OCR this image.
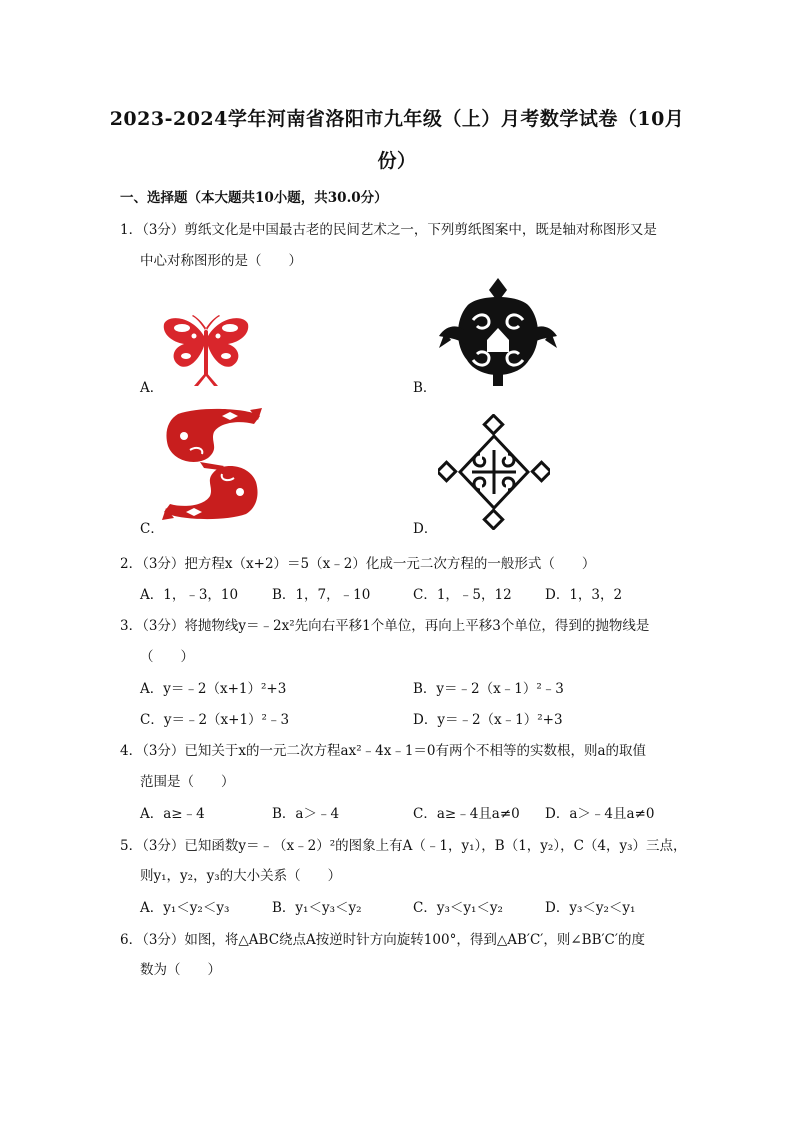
2023-2024学年河南省洛阳市九年级（上）月考数学试卷（10月
份）
一、选择题（本大题共10小题，共30.0分）
1．（3分）剪纸文化是中国最古老的民间艺术之一，下列剪纸图案中，既是轴对称图形又是
中心对称图形的是（　　）
A．	B．
C．	D．
2．（3分）把方程x（x+2）＝5（x﹣2）化成一元二次方程的一般形式（　　）
A．1，﹣3，10	B．1，7，﹣10	C．1，﹣5，12 D．1，3，2
3．（3分）将抛物线y＝﹣2x²先向右平移1个单位，再向上平移3个单位，得到的抛物线是
（　　）
A．y＝﹣2（x+1）²+3	B．y＝﹣2（x﹣1）²﹣3
C．y＝﹣2（x+1）²﹣3	D．y＝﹣2（x﹣1）²+3
4．（3分）已知关于x的一元二次方程ax²﹣4x﹣1＝0有两个不相等的实数根，则a的取值
范围是（　　）
A．a≥﹣4	B．a＞﹣4	C．a≥﹣4且a≠0 D．a＞﹣4且a≠0
5．（3分）已知函数y＝﹣（x﹣2）²的图象上有A（﹣1，y₁），B（1，y₂），C（4，y₃）三点，
则y₁，y₂，y₃的大小关系（　　）
A．y₁＜y₂＜y₃	B．y₁＜y₃＜y₂	C．y₃＜y₁＜y₂	D．y₃＜y₂＜y₁
6．（3分）如图，将△ABC绕点A按逆时针方向旋转100°，得到△AB′C′，则∠BB′C′的度
数为（　　）
